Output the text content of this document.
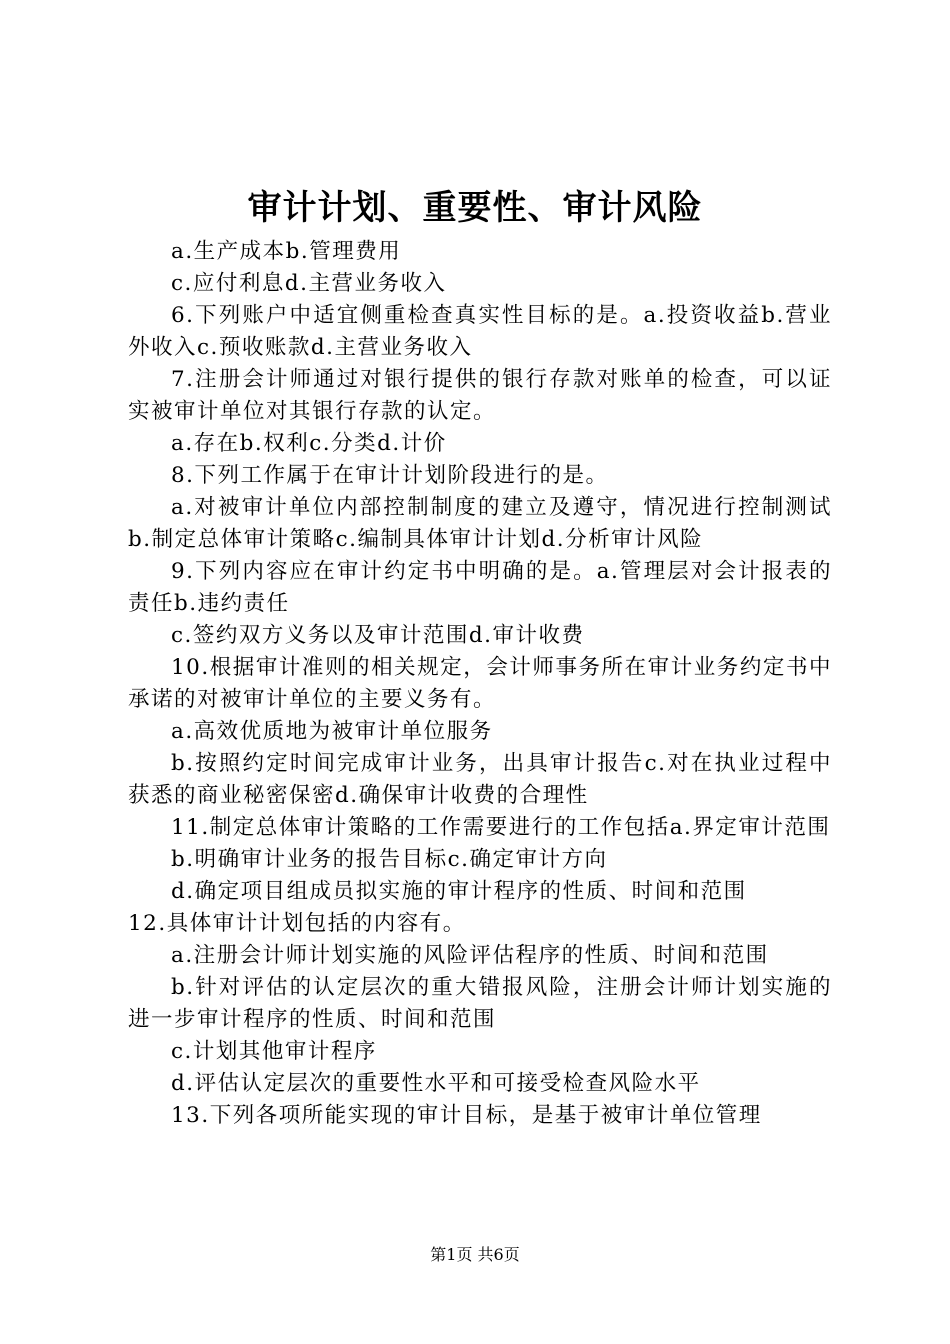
审计计划、重要性、审计风险

a.生产成本b.管理费用

c.应付利息d.主营业务收入

6.下列账户中适宜侧重检查真实性目标的是。a.投资收益b.营业外收入c.预收账款d.主营业务收入

7.注册会计师通过对银行提供的银行存款对账单的检查，可以证实被审计单位对其银行存款的认定。

a.存在b.权利c.分类d.计价

8.下列工作属于在审计计划阶段进行的是。

a.对被审计单位内部控制制度的建立及遵守，情况进行控制测试b.制定总体审计策略c.编制具体审计计划d.分析审计风险

9.下列内容应在审计约定书中明确的是。a.管理层对会计报表的责任b.违约责任

c.签约双方义务以及审计范围d.审计收费

10.根据审计准则的相关规定，会计师事务所在审计业务约定书中承诺的对被审计单位的主要义务有。

a.高效优质地为被审计单位服务

b.按照约定时间完成审计业务，出具审计报告c.对在执业过程中获悉的商业秘密保密d.确保审计收费的合理性

11.制定总体审计策略的工作需要进行的工作包括a.界定审计范围

b.明确审计业务的报告目标c.确定审计方向

d.确定项目组成员拟实施的审计程序的性质、时间和范围

12.具体审计计划包括的内容有。

a.注册会计师计划实施的风险评估程序的性质、时间和范围

b.针对评估的认定层次的重大错报风险，注册会计师计划实施的进一步审计程序的性质、时间和范围

c.计划其他审计程序

d.评估认定层次的重要性水平和可接受检查风险水平

13.下列各项所能实现的审计目标，是基于被审计单位管理

第1页 共6页
